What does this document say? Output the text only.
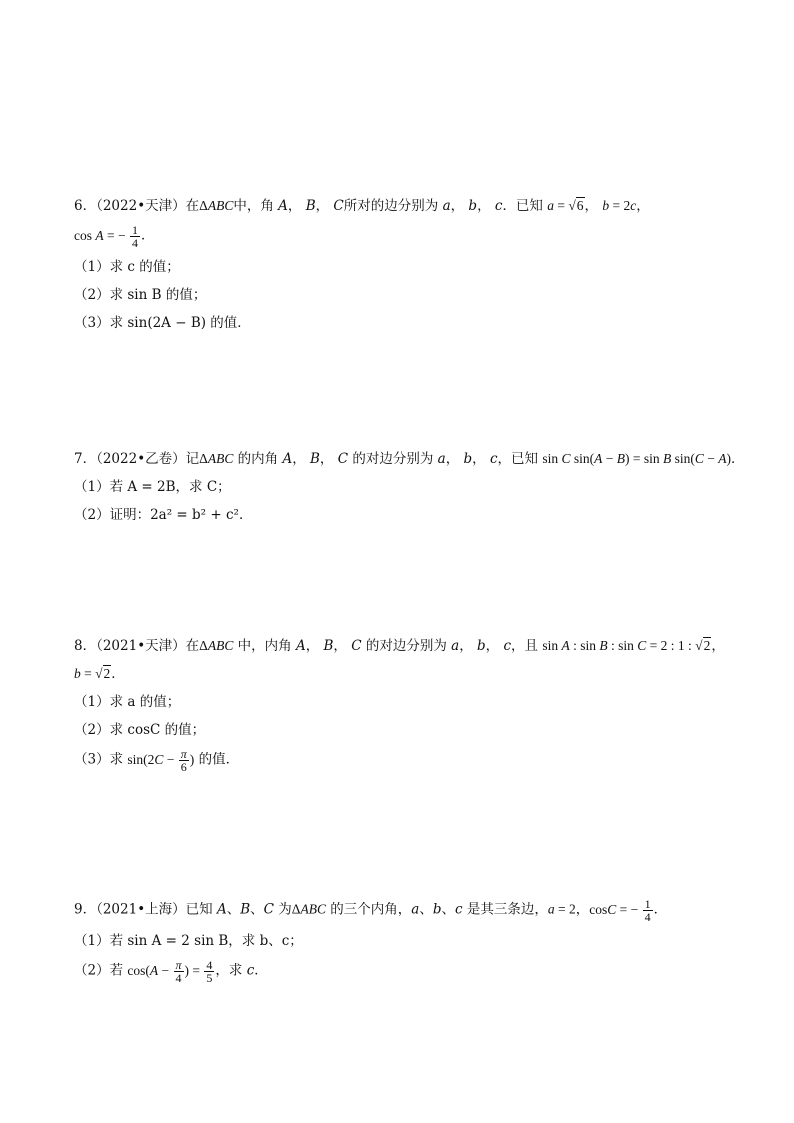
6．（2022•天津）在ΔABC中，角 A， B， C所对的边分别为 a， b， c．已知 a = √6， b = 2c，

cos A = − $\frac{1}{4}$ ．

（1）求 c 的值；

（2）求 sin B 的值；

（3）求 sin(2A − B) 的值．

7．（2022•乙卷）记ΔABC 的内角 A， B， C 的对边分别为 a， b， c，已知 sin C sin(A − B) = sin B sin(C − A)．

（1）若 A = 2B，求 C；

（2）证明：2a² = b² + c²．

8．（2021•天津）在ΔABC 中，内角 A， B， C 的对边分别为 a， b， c，且 sin A : sin B : sin C = 2 : 1 : √2，

b = √2．

（1）求 a 的值；

（2）求 cosC 的值；

（3）求 $\sin(2C - \frac{\pi}{6}$ ) 的值．

9．（2021•上海）已知 A、B、C 为ΔABC 的三个内角，a、b、c 是其三条边，a = 2，cosC = − $\frac{1}{4}$ ．

（1）若 sin A = 2 sin B，求 b、c；

（2）若 $\cos(A - \frac{\pi}{4}$ ) = $\frac{4}{5}$ ，求 c．
